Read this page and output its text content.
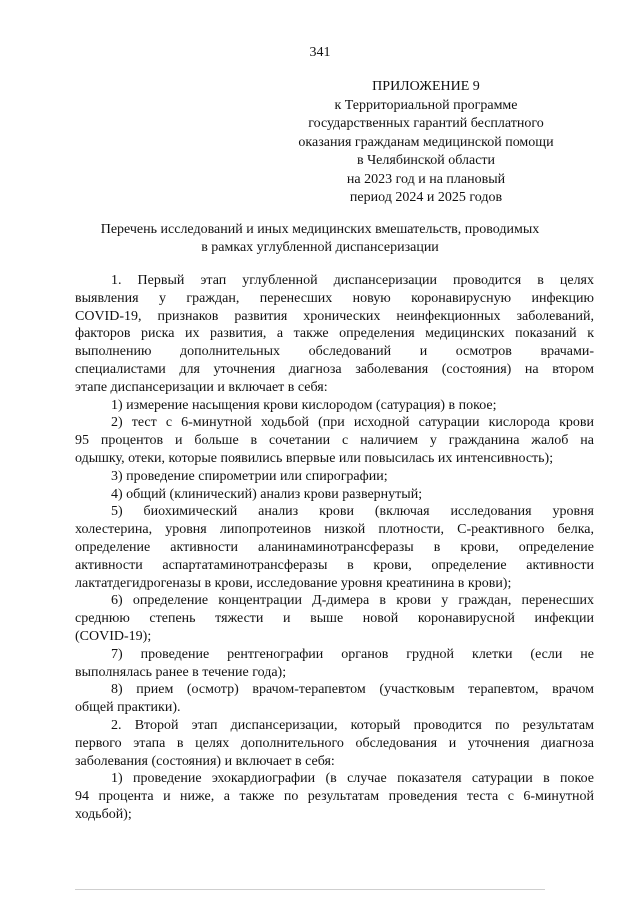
341
ПРИЛОЖЕНИЕ 9
к Территориальной программе
государственных гарантий бесплатного
оказания гражданам медицинской помощи
в Челябинской области
на 2023 год и на плановый
период 2024 и 2025 годов
Перечень исследований и иных медицинских вмешательств, проводимых
в рамках углубленной диспансеризации
1. Первый этап углубленной диспансеризации проводится в целях
выявления у граждан, перенесших новую коронавирусную инфекцию
COVID-19, признаков развития хронических неинфекционных заболеваний,
факторов риска их развития, а также определения медицинских показаний к
выполнению дополнительных обследований и осмотров врачами-
специалистами для уточнения диагноза заболевания (состояния) на втором
этапе диспансеризации и включает в себя:
1) измерение насыщения крови кислородом (сатурация) в покое;
2) тест с 6-минутной ходьбой (при исходной сатурации кислорода крови
95 процентов и больше в сочетании с наличием у гражданина жалоб на
одышку, отеки, которые появились впервые или повысилась их интенсивность);
3) проведение спирометрии или спирографии;
4) общий (клинический) анализ крови развернутый;
5) биохимический анализ крови (включая исследования уровня
холестерина, уровня липопротеинов низкой плотности, С-реактивного белка,
определение активности аланинаминотрансферазы в крови, определение
активности аспартатаминотрансферазы в крови, определение активности
лактатдегидрогеназы в крови, исследование уровня креатинина в крови);
6) определение концентрации Д-димера в крови у граждан, перенесших
среднюю степень тяжести и выше новой коронавирусной инфекции
(COVID-19);
7) проведение рентгенографии органов грудной клетки (если не
выполнялась ранее в течение года);
8) прием (осмотр) врачом-терапевтом (участковым терапевтом, врачом
общей практики).
2. Второй этап диспансеризации, который проводится по результатам
первого этапа в целях дополнительного обследования и уточнения диагноза
заболевания (состояния) и включает в себя:
1) проведение эхокардиографии (в случае показателя сатурации в покое
94 процента и ниже, а также по результатам проведения теста с 6-минутной
ходьбой);
